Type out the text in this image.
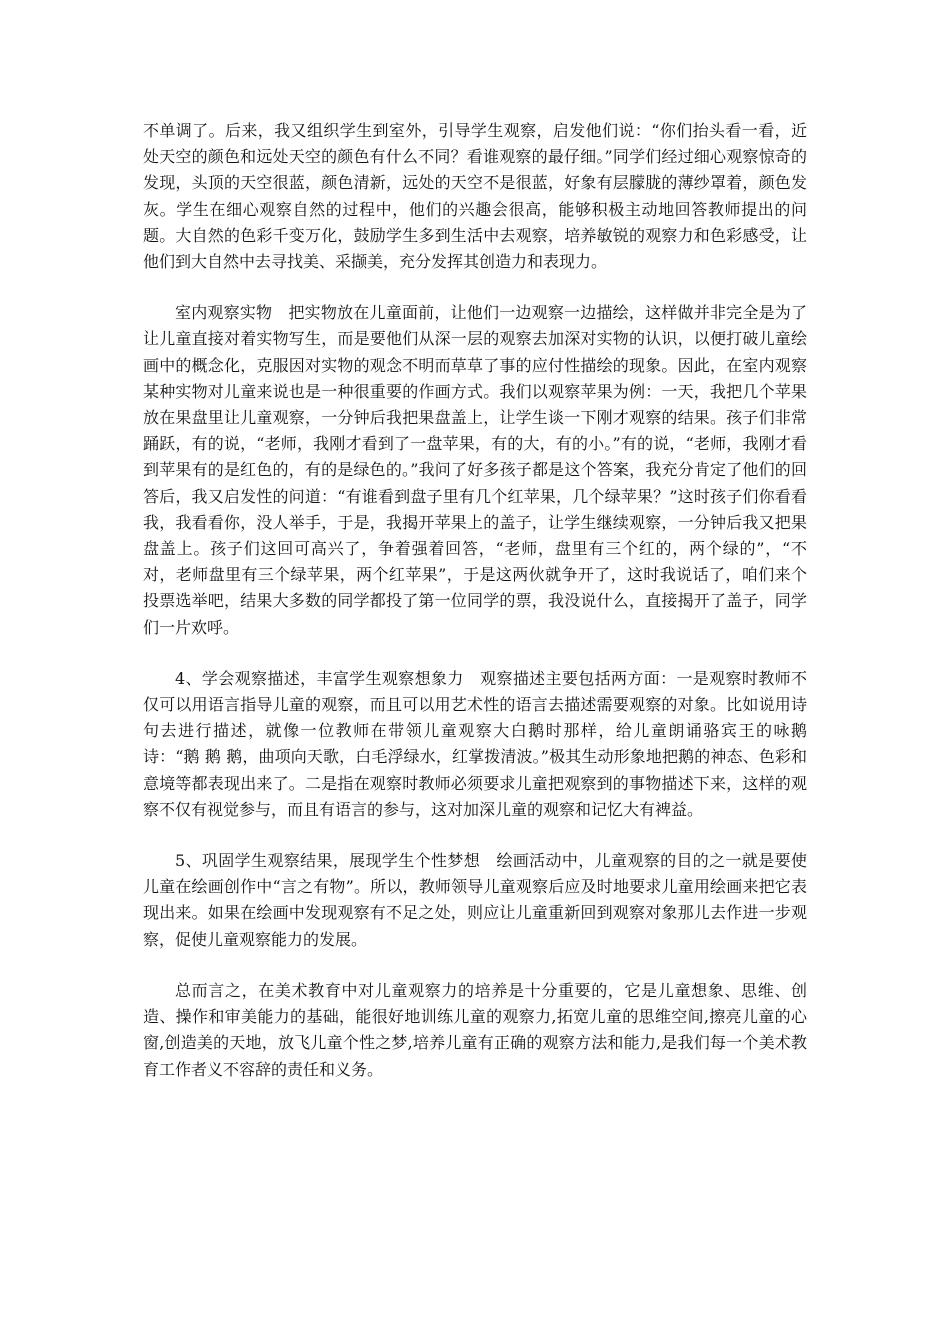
不单调了。后来，我又组织学生到室外，引导学生观察，启发他们说：“你们抬头看一看，近处天空的颜色和远处天空的颜色有什么不同？看谁观察的最仔细。”同学们经过细心观察惊奇的发现，头顶的天空很蓝，颜色清新，远处的天空不是很蓝，好象有层朦胧的薄纱罩着，颜色发灰。学生在细心观察自然的过程中，他们的兴趣会很高，能够积极主动地回答教师提出的问题。大自然的色彩千变万化，鼓励学生多到生活中去观察，培养敏锐的观察力和色彩感受，让他们到大自然中去寻找美、采撷美，充分发挥其创造力和表现力。

室内观察实物　把实物放在儿童面前，让他们一边观察一边描绘，这样做并非完全是为了让儿童直接对着实物写生，而是要他们从深一层的观察去加深对实物的认识，以便打破儿童绘画中的概念化，克服因对实物的观念不明而草草了事的应付性描绘的现象。因此，在室内观察某种实物对儿童来说也是一种很重要的作画方式。我们以观察苹果为例：一天，我把几个苹果放在果盘里让儿童观察，一分钟后我把果盘盖上，让学生谈一下刚才观察的结果。孩子们非常踊跃，有的说，“老师，我刚才看到了一盘苹果，有的大，有的小。”有的说，“老师，我刚才看到苹果有的是红色的，有的是绿色的。”我问了好多孩子都是这个答案，我充分肯定了他们的回答后，我又启发性的问道：“有谁看到盘子里有几个红苹果，几个绿苹果？”这时孩子们你看看我，我看看你，没人举手，于是，我揭开苹果上的盖子，让学生继续观察，一分钟后我又把果盘盖上。孩子们这回可高兴了，争着强着回答，“老师，盘里有三个红的，两个绿的”，“不对，老师盘里有三个绿苹果，两个红苹果”，于是这两伙就争开了，这时我说话了，咱们来个投票选举吧，结果大多数的同学都投了第一位同学的票，我没说什么，直接揭开了盖子，同学们一片欢呼。

4、学会观察描述，丰富学生观察想象力　观察描述主要包括两方面：一是观察时教师不仅可以用语言指导儿童的观察，而且可以用艺术性的语言去描述需要观察的对象。比如说用诗句去进行描述，就像一位教师在带领儿童观察大白鹅时那样，给儿童朗诵骆宾王的咏鹅诗：“鹅 鹅 鹅，曲项向天歌，白毛浮绿水，红掌拨清波。”极其生动形象地把鹅的神态、色彩和意境等都表现出来了。二是指在观察时教师必须要求儿童把观察到的事物描述下来，这样的观察不仅有视觉参与，而且有语言的参与，这对加深儿童的观察和记忆大有裨益。

5、巩固学生观察结果，展现学生个性梦想　绘画活动中，儿童观察的目的之一就是要使儿童在绘画创作中“言之有物”。所以，教师领导儿童观察后应及时地要求儿童用绘画来把它表现出来。如果在绘画中发现观察有不足之处，则应让儿童重新回到观察对象那儿去作进一步观察，促使儿童观察能力的发展。

总而言之，在美术教育中对儿童观察力的培养是十分重要的，它是儿童想象、思维、创造、操作和审美能力的基础，能很好地训练儿童的观察力,拓宽儿童的思维空间,擦亮儿童的心窗,创造美的天地，放飞儿童个性之梦,培养儿童有正确的观察方法和能力,是我们每一个美术教育工作者义不容辞的责任和义务。
